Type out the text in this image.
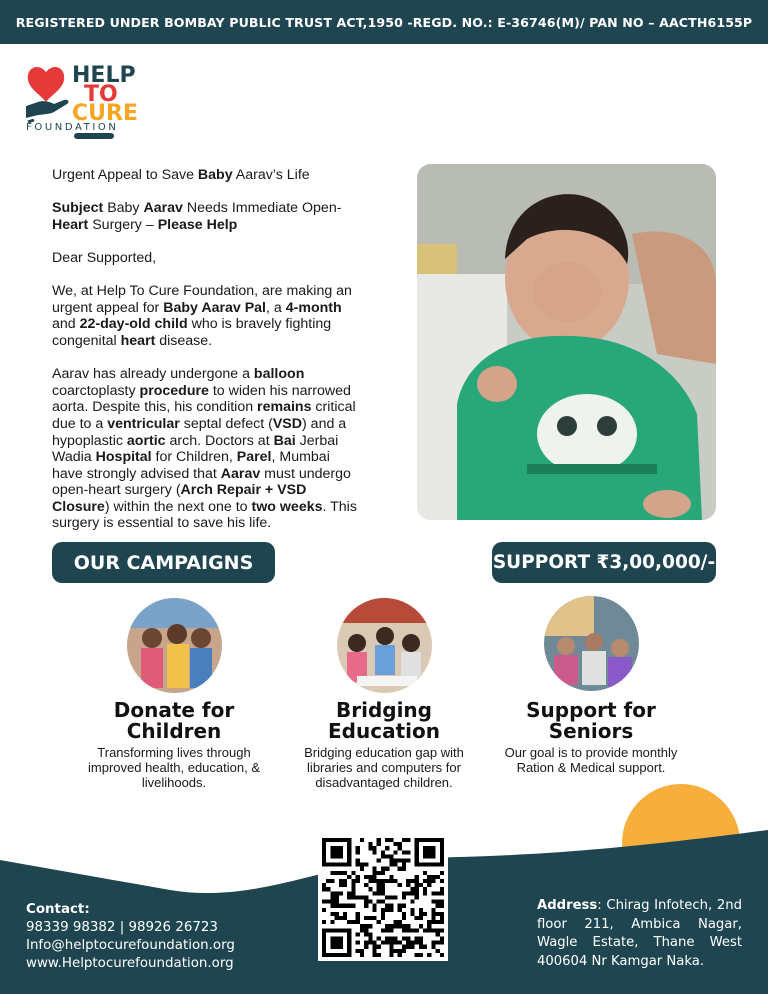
REGISTERED UNDER BOMBAY PUBLIC TRUST ACT,1950 -REGD. NO.: E-36746(M)/ PAN NO – AACTH6155P
HELP
TO
CURE
FOUNDATION

Urgent Appeal to Save Baby Aarav’s Life

Subject Baby Aarav Needs Immediate Open-Heart Surgery – Please Help

Dear Supported,

We, at Help To Cure Foundation, are making an urgent appeal for Baby Aarav Pal, a 4-month and 22-day-old child who is bravely fighting congenital heart disease.

Aarav has already undergone a balloon coarctoplasty procedure to widen his narrowed aorta. Despite this, his condition remains critical due to a ventricular septal defect (VSD) and a hypoplastic aortic arch. Doctors at Bai Jerbai Wadia Hospital for Children, Parel, Mumbai have strongly advised that Aarav must undergo open-heart surgery (Arch Repair + VSD Closure) within the next one to two weeks. This surgery is essential to save his life.

OUR CAMPAIGNS	SUPPORT ₹3,00,000/-
Donate for
Children
Bridging
Education
Support for
Seniors
Transforming lives through improved health, education, & livelihoods.
Bridging education gap with libraries and computers for disadvantaged children.
Our goal is to provide monthly Ration & Medical support.
Contact:
98339 98382 | 98926 26723
Info@helptocurefoundation.org
www.Helptocurefoundation.org
Address: Chirag Infotech, 2nd floor 211, Ambica Nagar, Wagle Estate, Thane West 400604 Nr Kamgar Naka.
